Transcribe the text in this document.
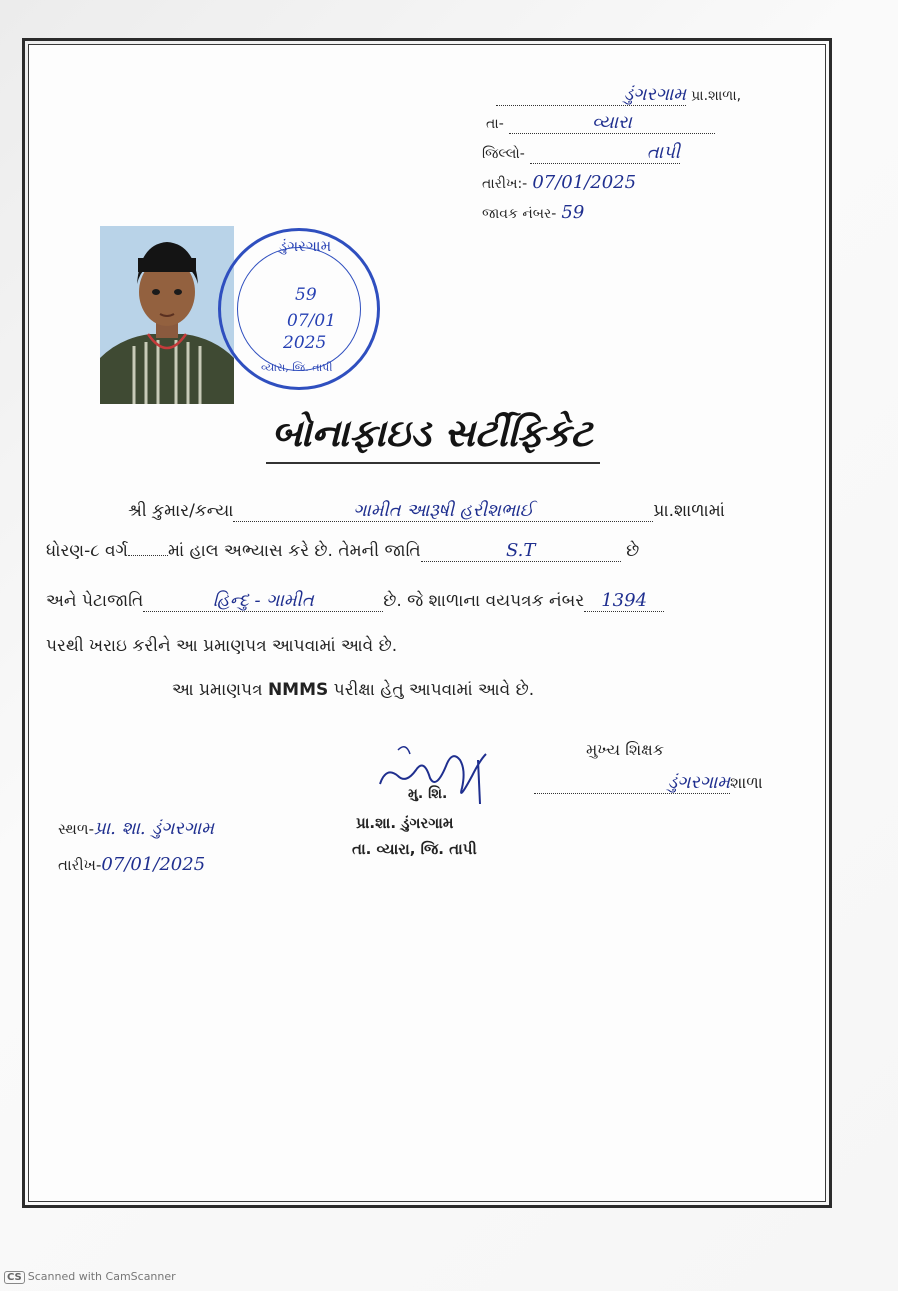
ડુંગરગામ પ્રા.શાળા,
તા-	વ્યારા
જિલ્લો-	તાપી
તારીખ:- 07/01/2025
જાવક નંબર- 59
ડુંગરગામ
59
07/01
2025
વ્યારા, જિ. તાપી
બોનાફાઇડ સર્ટીફિકેટ
શ્રી કુમાર/કન્યા	ગામીત આરૂષી હરીશભાઈ	પ્રા.શાળામાં
ધોરણ-૮ વર્ગ માં હાલ અભ્યાસ કરે છે. તેમની જાતિ	S.T	છે
અને પેટાજાતિ	હિન્દુ - ગામીત	છે. જે શાળાના વયપત્રક નંબર 1394
પરથી ખરાઇ કરીને આ પ્રમાણપત્ર આપવામાં આવે છે.
આ પ્રમાણપત્ર NMMS પરીક્ષા હેતુ આપવામાં આવે છે.
મુખ્ય શિક્ષક
ડુંગરગામશાળા
મુ. શિ.
પ્રા.શા. ડુંગરગામ
તા. વ્યારા, જિ. તાપી
સ્થળ-પ્રા. શા. ડુંગરગામ
તારીખ-07/01/2025
CS Scanned with CamScanner
